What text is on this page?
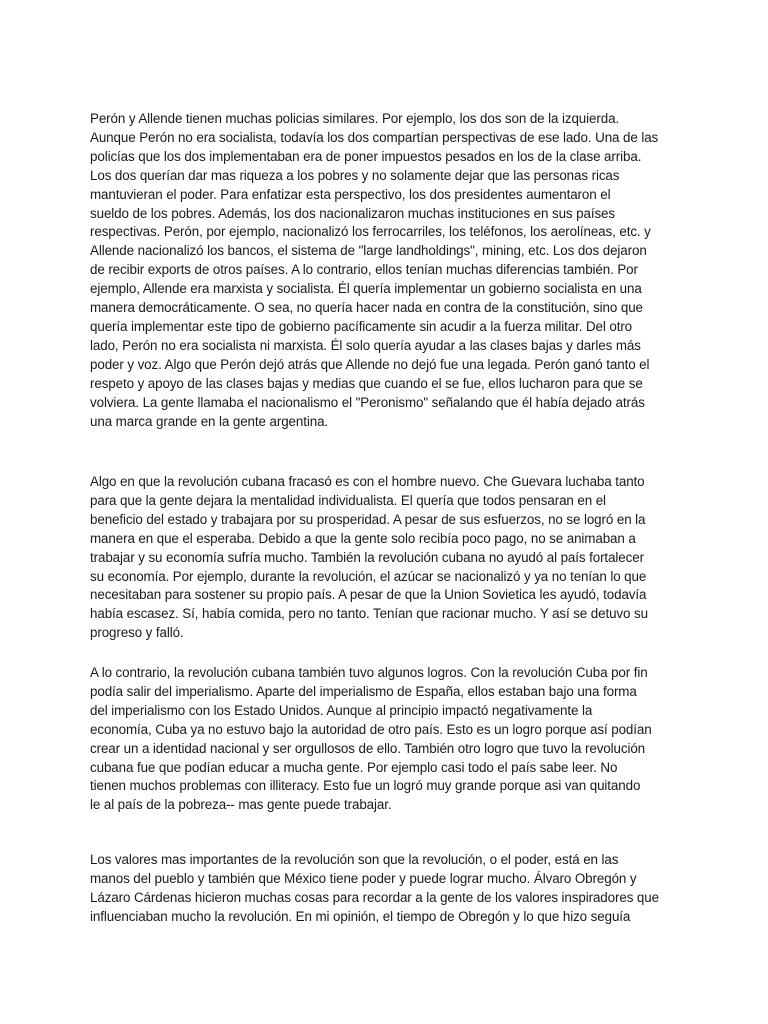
Perón y Allende tienen muchas policias similares. Por ejemplo, los dos son de la izquierda.
Aunque Perón no era socialista, todavía los dos compartían perspectivas de ese lado. Una de las
policías que los dos implementaban era de poner impuestos pesados en los de la clase arriba.
Los dos querían dar mas riqueza a los pobres y no solamente dejar que las personas ricas
mantuvieran el poder. Para enfatizar esta perspectivo, los dos presidentes aumentaron el
sueldo de los pobres. Además, los dos nacionalizaron muchas instituciones en sus países
respectivas. Perón, por ejemplo, nacionalizó los ferrocarriles, los teléfonos, los aerolíneas, etc. y
Allende nacionalizó los bancos, el sistema de "large landholdings", mining, etc. Los dos dejaron
de recibir exports de otros países. A lo contrario, ellos tenían muchas diferencias también. Por
ejemplo, Allende era marxista y socialista. Él quería implementar un gobierno socialista en una
manera democráticamente. O sea, no quería hacer nada en contra de la constitución, sino que
quería implementar este tipo de gobierno pacíficamente sin acudir a la fuerza militar. Del otro
lado, Perón no era socialista ni marxista. Él solo quería ayudar a las clases bajas y darles más
poder y voz. Algo que Perón dejó atrás que Allende no dejó fue una legada. Perón ganó tanto el
respeto y apoyo de las clases bajas y medias que cuando el se fue, ellos lucharon para que se
volviera. La gente llamaba el nacionalismo el "Peronismo" señalando que él había dejado atrás
una marca grande en la gente argentina.

Algo en que la revolución cubana fracasó es con el hombre nuevo. Che Guevara luchaba tanto
para que la gente dejara la mentalidad individualista. El quería que todos pensaran en el
beneficio del estado y trabajara por su prosperidad. A pesar de sus esfuerzos, no se logró en la
manera en que el esperaba. Debido a que la gente solo recibía poco pago, no se animaban a
trabajar y su economía sufría mucho. También la revolución cubana no ayudó al país fortalecer
su economía. Por ejemplo, durante la revolución, el azúcar se nacionalizó y ya no tenían lo que
necesitaban para sostener su propio país. A pesar de que la Union Sovietica les ayudó, todavía
había escasez. Sí, había comida, pero no tanto. Tenían que racionar mucho. Y así se detuvo su
progreso y falló.

A lo contrario, la revolución cubana también tuvo algunos logros. Con la revolución Cuba por fin
podía salir del imperialismo. Aparte del imperialismo de España, ellos estaban bajo una forma
del imperialismo con los Estado Unidos. Aunque al principio impactó negativamente la
economía, Cuba ya no estuvo bajo la autoridad de otro país. Esto es un logro porque así podían
crear un a identidad nacional y ser orgullosos de ello. También otro logro que tuvo la revolución
cubana fue que podían educar a mucha gente. Por ejemplo casi todo el país sabe leer. No
tienen muchos problemas con illiteracy. Esto fue un logró muy grande porque asi van quitando
le al país de la pobreza-- mas gente puede trabajar.

Los valores mas importantes de la revolución son que la revolución, o el poder, está en las
manos del pueblo y también que México tiene poder y puede lograr mucho. Álvaro Obregón y
Lázaro Cárdenas hicieron muchas cosas para recordar a la gente de los valores inspiradores que
influenciaban mucho la revolución. En mi opinión, el tiempo de Obregón y lo que hizo seguía
